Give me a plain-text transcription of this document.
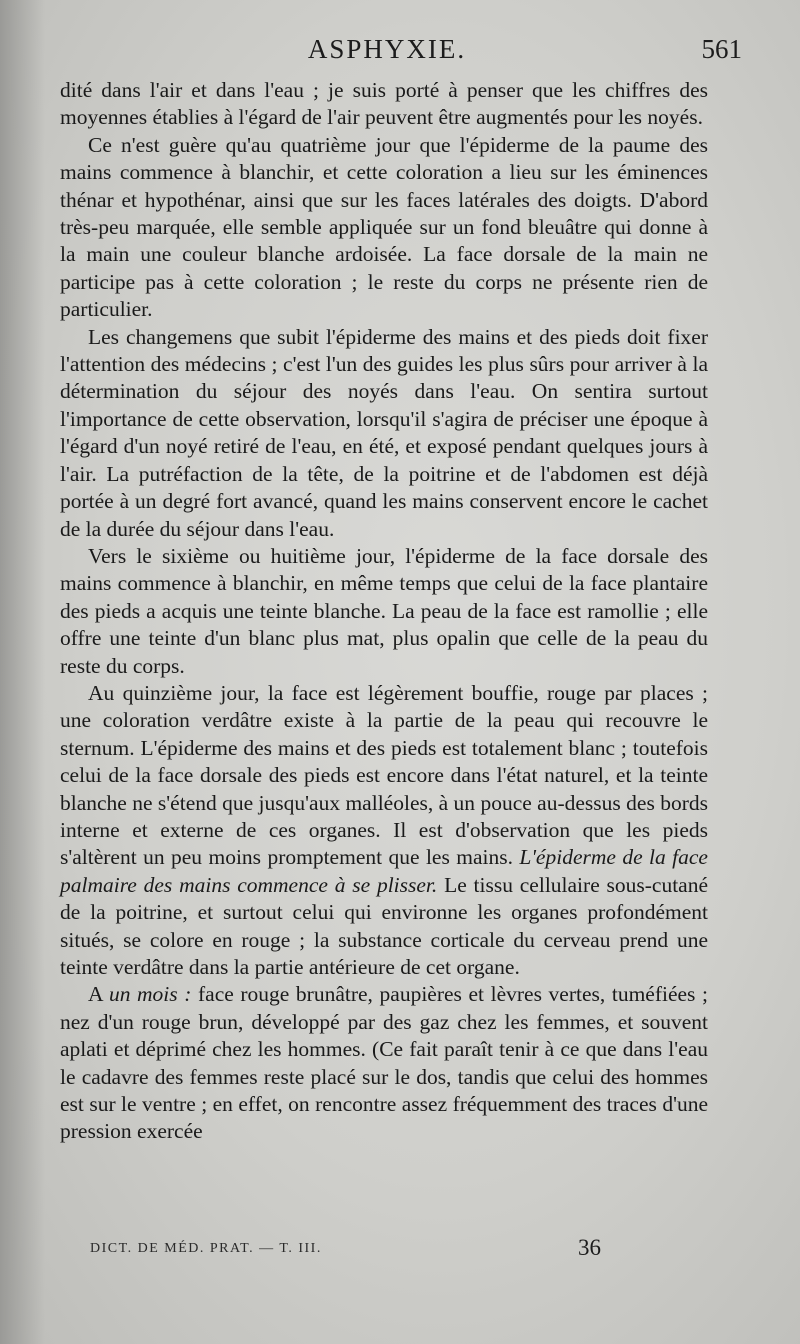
ASPHYXIE.	561

dité dans l'air et dans l'eau ; je suis porté à penser que les chiffres des moyennes établies à l'égard de l'air peuvent être augmentés pour les noyés.

Ce n'est guère qu'au quatrième jour que l'épiderme de la paume des mains commence à blanchir, et cette coloration a lieu sur les éminences thénar et hypothénar, ainsi que sur les faces latérales des doigts. D'abord très-peu marquée, elle semble appliquée sur un fond bleuâtre qui donne à la main une couleur blanche ardoisée. La face dorsale de la main ne participe pas à cette coloration ; le reste du corps ne présente rien de particulier.

Les changemens que subit l'épiderme des mains et des pieds doit fixer l'attention des médecins ; c'est l'un des guides les plus sûrs pour arriver à la détermination du séjour des noyés dans l'eau. On sentira surtout l'importance de cette observation, lorsqu'il s'agira de préciser une époque à l'égard d'un noyé retiré de l'eau, en été, et exposé pendant quelques jours à l'air. La putréfaction de la tête, de la poitrine et de l'abdomen est déjà portée à un degré fort avancé, quand les mains conservent encore le cachet de la durée du séjour dans l'eau.

Vers le sixième ou huitième jour, l'épiderme de la face dorsale des mains commence à blanchir, en même temps que celui de la face plantaire des pieds a acquis une teinte blanche. La peau de la face est ramollie ; elle offre une teinte d'un blanc plus mat, plus opalin que celle de la peau du reste du corps.

Au quinzième jour, la face est légèrement bouffie, rouge par places ; une coloration verdâtre existe à la partie de la peau qui recouvre le sternum. L'épiderme des mains et des pieds est totalement blanc ; toutefois celui de la face dorsale des pieds est encore dans l'état naturel, et la teinte blanche ne s'étend que jusqu'aux malléoles, à un pouce au-dessus des bords interne et externe de ces organes. Il est d'observation que les pieds s'altèrent un peu moins promptement que les mains. L'épiderme de la face palmaire des mains commence à se plisser. Le tissu cellulaire sous-cutané de la poitrine, et surtout celui qui environne les organes profondément situés, se colore en rouge ; la substance corticale du cerveau prend une teinte verdâtre dans la partie antérieure de cet organe.

A un mois : face rouge brunâtre, paupières et lèvres vertes, tuméfiées ; nez d'un rouge brun, développé par des gaz chez les femmes, et souvent aplati et déprimé chez les hommes. (Ce fait paraît tenir à ce que dans l'eau le cadavre des femmes reste placé sur le dos, tandis que celui des hommes est sur le ventre ; en effet, on rencontre assez fréquemment des traces d'une pression exercée

DICT. DE MÉD. PRAT. — T. III.	36
